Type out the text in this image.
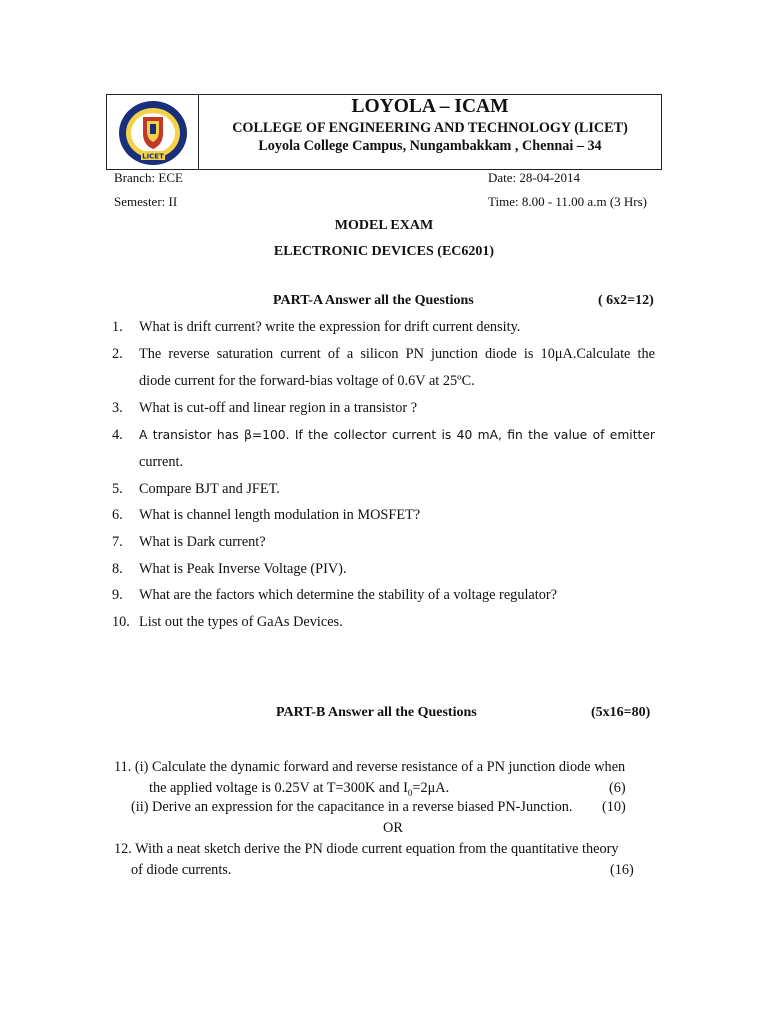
LICET
LOYOLA – ICAM
COLLEGE OF ENGINEERING AND TECHNOLOGY (LICET)
Loyola College Campus, Nungambakkam , Chennai – 34
Branch: ECE	Date: 28-04-2014
Semester: II	Time: 8.00 - 11.00 a.m (3 Hrs)
MODEL EXAM
ELECTRONIC DEVICES (EC6201)
PART-A Answer all the Questions	( 6x2=12)
1. What is drift current? write the expression for drift current density.
2. The reverse saturation current of a silicon PN junction diode is 10μA.Calculate the
diode current for the forward-bias voltage of 0.6V at 25ºC.
3. What is cut-off and linear region in a transistor ?
4. A transistor has β=100. If the collector current is 40 mA, fin the value of emitter
current.
5. Compare BJT and JFET.
6. What is channel length modulation in MOSFET?
7. What is Dark current?
8. What is Peak Inverse Voltage (PIV).
9. What are the factors which determine the stability of a voltage regulator?
10. List out the types of GaAs Devices.
PART-B Answer all the Questions	(5x16=80)
11. (i) Calculate the dynamic forward and reverse resistance of a PN junction diode when
the applied voltage is 0.25V at T=300K and $I_0=2\mu A$.	(6)
(ii) Derive an expression for the capacitance in a reverse biased PN-Junction. (10)
OR
12. With a neat sketch derive the PN diode current equation from the quantitative theory
of diode currents.	(16)
